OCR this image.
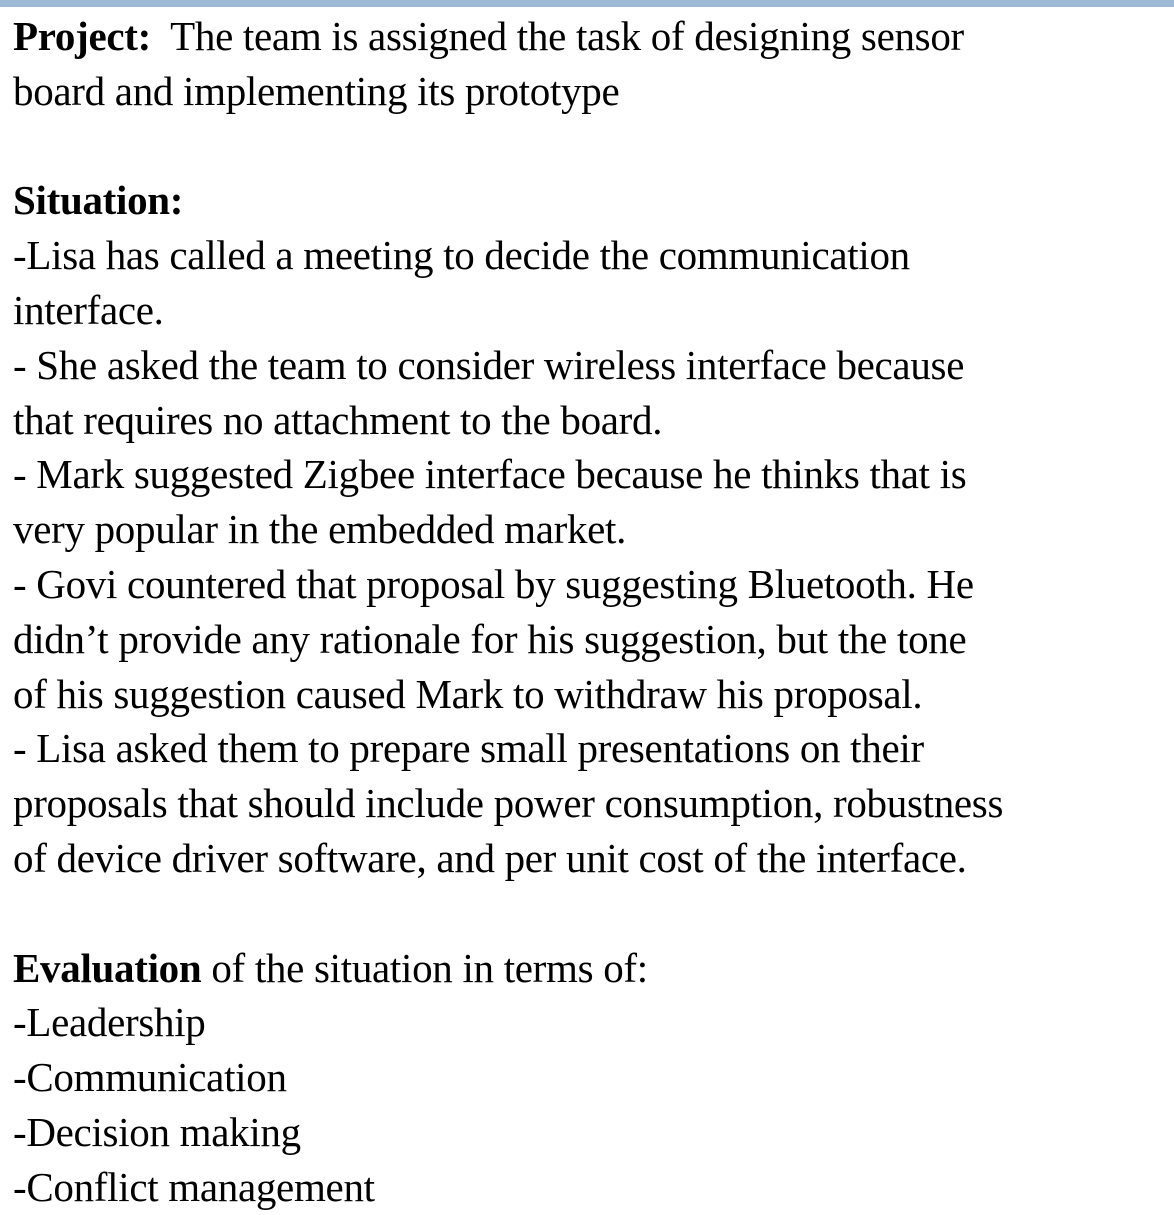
Project: The team is assigned the task of designing sensor
board and implementing its prototype
Situation:
-Lisa has called a meeting to decide the communication
interface.
- She asked the team to consider wireless interface because
that requires no attachment to the board.
- Mark suggested Zigbee interface because he thinks that is
very popular in the embedded market.
- Govi countered that proposal by suggesting Bluetooth. He
didn’t provide any rationale for his suggestion, but the tone
of his suggestion caused Mark to withdraw his proposal.
- Lisa asked them to prepare small presentations on their
proposals that should include power consumption, robustness
of device driver software, and per unit cost of the interface.
Evaluation of the situation in terms of:
-Leadership
-Communication
-Decision making
-Conflict management
